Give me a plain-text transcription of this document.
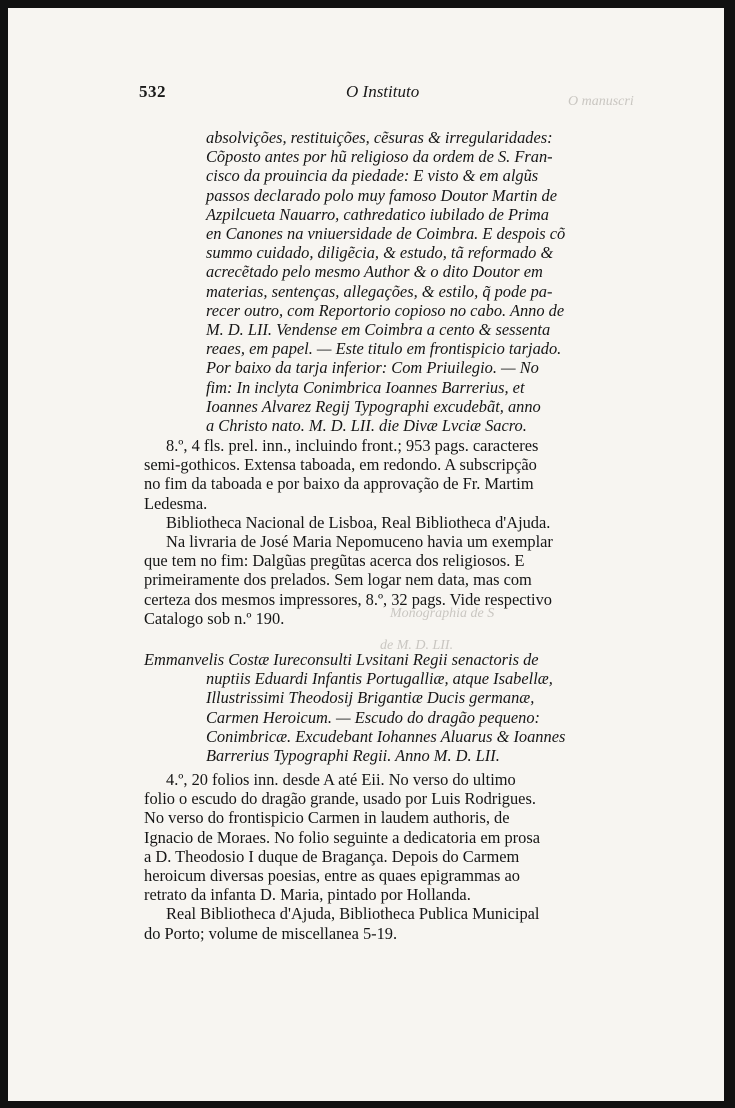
O manuscri
Monographia de S
de M. D. LII.
532	O Instituto
absolvições, restituições, cẽsuras & irregularidades:
Cõposto antes por hũ religioso da ordem de S. Fran-
cisco da prouincia da piedade: E visto & em algũs
passos declarado polo muy famoso Doutor Martin de
Azpilcueta Nauarro, cathredatico iubilado de Prima
en Canones na vniuersidade de Coimbra. E despois cõ
summo cuidado, diligẽcia, & estudo, tã reformado &
acrecẽtado pelo mesmo Author & o dito Doutor em
materias, sentenças, allegações, & estilo, q̃ pode pa-
recer outro, com Reportorio copioso no cabo. Anno de
M. D. LII. Vendense em Coimbra a cento & sessenta
reaes, em papel. — Este titulo em frontispicio tarjado.
Por baixo da tarja inferior: Com Priuilegio. — No
fim: In inclyta Conimbrica Ioannes Barrerius, et
Ioannes Alvarez Regij Typographi excudebãt, anno
a Christo nato. M. D. LII. die Divæ Lvciæ Sacro.
8.º, 4 fls. prel. inn., incluindo front.; 953 pags. caracteres
semi-gothicos. Extensa taboada, em redondo. A subscripção
no fim da taboada e por baixo da approvação de Fr. Martim
Ledesma.
Bibliotheca Nacional de Lisboa, Real Bibliotheca d'Ajuda.
Na livraria de José Maria Nepomuceno havia um exemplar
que tem no fim: Dalgũas pregũtas acerca dos religiosos. E
primeiramente dos prelados. Sem logar nem data, mas com
certeza dos mesmos impressores, 8.º, 32 pags. Vide respectivo
Catalogo sob n.º 190.
Emmanvelis Costæ Iureconsulti Lvsitani Regii senactoris de
nuptiis Eduardi Infantis Portugalliæ, atque Isabellæ,
Illustrissimi Theodosij Brigantiæ Ducis germanæ,
Carmen Heroicum. — Escudo do dragão pequeno:
Conimbricæ. Excudebant Iohannes Aluarus & Ioannes
Barrerius Typographi Regii. Anno M. D. LII.
4.º, 20 folios inn. desde A até Eii. No verso do ultimo
folio o escudo do dragão grande, usado por Luis Rodrigues.
No verso do frontispicio Carmen in laudem authoris, de
Ignacio de Moraes. No folio seguinte a dedicatoria em prosa
a D. Theodosio I duque de Bragança. Depois do Carmem
heroicum diversas poesias, entre as quaes epigrammas ao
retrato da infanta D. Maria, pintado por Hollanda.
Real Bibliotheca d'Ajuda, Bibliotheca Publica Municipal
do Porto; volume de miscellanea 5-19.
